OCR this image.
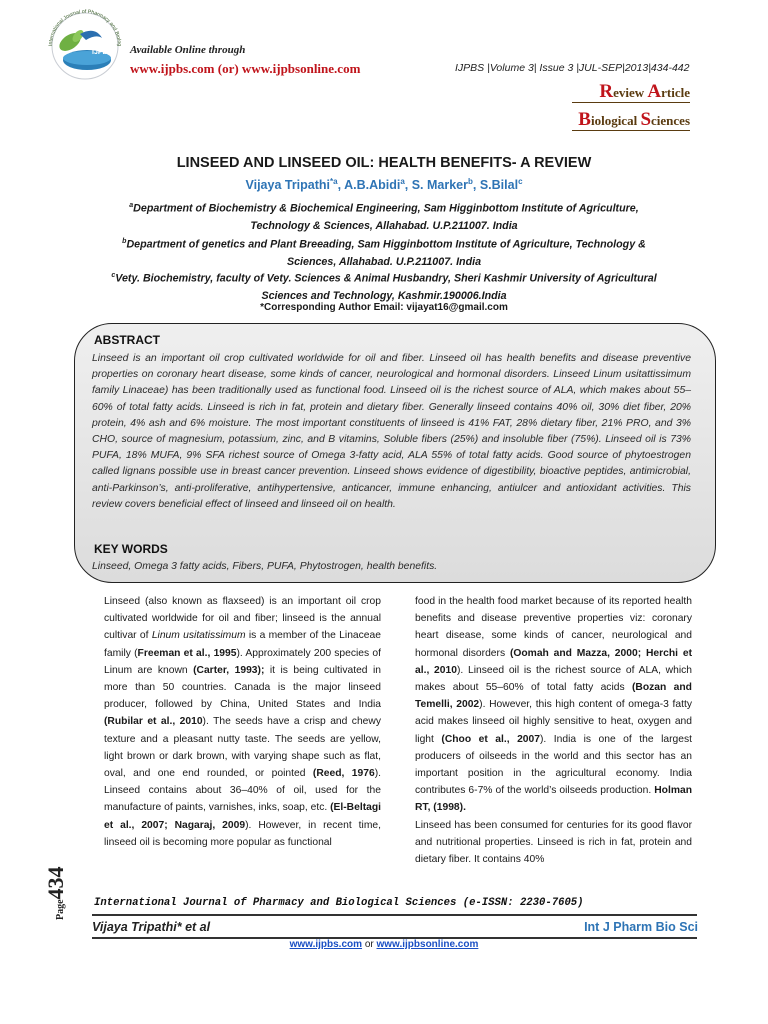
International Journal of Pharmacy and Biolog
IJPBS Available Online through
www.ijpbs.com (or) www.ijpbsonline.com	IJPBS |Volume 3| Issue 3 |JUL-SEP|2013|434-442
Review Article
Biological Sciences
LINSEED AND LINSEED OIL: HEALTH BENEFITS- A REVIEW
Vijaya Tripathi$^{*a}$, A.B.Abidi$^a$, S. Marker$^b$, S.Bilal$^c$
$^a$Department of Biochemistry & Biochemical Engineering, Sam Higginbottom Institute of Agriculture, Technology & Sciences, Allahabad. U.P.211007. India
$^b$Department of genetics and Plant Breeading, Sam Higginbottom Institute of Agriculture, Technology & Sciences, Allahabad. U.P.211007. India
$^c$Vety. Biochemistry, faculty of Vety. Sciences & Animal Husbandry, Sheri Kashmir University of Agricultural Sciences and Technology, Kashmir.190006.India
*Corresponding Author Email: vijayat16@gmail.com
ABSTRACT
Linseed is an important oil crop cultivated worldwide for oil and fiber. Linseed oil has health benefits and disease preventive properties on coronary heart disease, some kinds of cancer, neurological and hormonal disorders. Linseed Linum usitattissimum family Linaceae) has been traditionally used as functional food. Linseed oil is the richest source of ALA, which makes about 55–60% of total fatty acids. Linseed is rich in fat, protein and dietary fiber. Generally linseed contains 40% oil, 30% diet fiber, 20% protein, 4% ash and 6% moisture. The most important constituents of linseed is 41% FAT, 28% dietary fiber, 21% PRO, and 3% CHO, source of magnesium, potassium, zinc, and B vitamins, Soluble fibers (25%) and insoluble fiber (75%). Linseed oil is 73% PUFA, 18% MUFA, 9% SFA richest source of Omega 3-fatty acid, ALA 55% of total fatty acids. Good source of phytoestrogen called lignans possible use in breast cancer prevention. Linseed shows evidence of digestibility, bioactive peptides, antimicrobial, anti-Parkinson’s, anti-proliferative, antihypertensive, anticancer, immune enhancing, antiulcer and antioxidant activities. This review covers beneficial effect of linseed and linseed oil on health.
KEY WORDS
Linseed, Omega 3 fatty acids, Fibers, PUFA, Phytostrogen, health benefits.
Linseed (also known as flaxseed) is an important oil crop cultivated worldwide for oil and fiber; linseed is the annual cultivar of Linum usitatissimum is a member of the Linaceae family (Freeman et al., 1995). Approximately 200 species of Linum are known (Carter, 1993); it is being cultivated in more than 50 countries. Canada is the major linseed producer, followed by China, United States and India (Rubilar et al., 2010). The seeds have a crisp and chewy texture and a pleasant nutty taste. The seeds are yellow, light brown or dark brown, with varying shape such as flat, oval, and one end rounded, or pointed (Reed, 1976). Linseed contains about 36–40% of oil, used for the manufacture of paints, varnishes, inks, soap, etc. (El-Beltagi et al., 2007; Nagaraj, 2009). However, in recent time, linseed oil is becoming more popular as functional
food in the health food market because of its reported health benefits and disease preventive properties viz: coronary heart disease, some kinds of cancer, neurological and hormonal disorders (Oomah and Mazza, 2000; Herchi et al., 2010). Linseed oil is the richest source of ALA, which makes about 55–60% of total fatty acids (Bozan and Temelli, 2002). However, this high content of omega-3 fatty acid makes linseed oil highly sensitive to heat, oxygen and light (Choo et al., 2007). India is one of the largest producers of oilseeds in the world and this sector has an important position in the agricultural economy. India contributes 6-7% of the world’s oilseeds production. Holman RT, (1998).
Linseed has been consumed for centuries for its good flavor and nutritional properties. Linseed is rich in fat, protein and dietary fiber. It contains 40%
Page434
International Journal of Pharmacy and Biological Sciences (e-ISSN: 2230-7605)
Vijaya Tripathi* et al	Int J Pharm Bio Sci
www.ijpbs.com or www.ijpbsonline.com
